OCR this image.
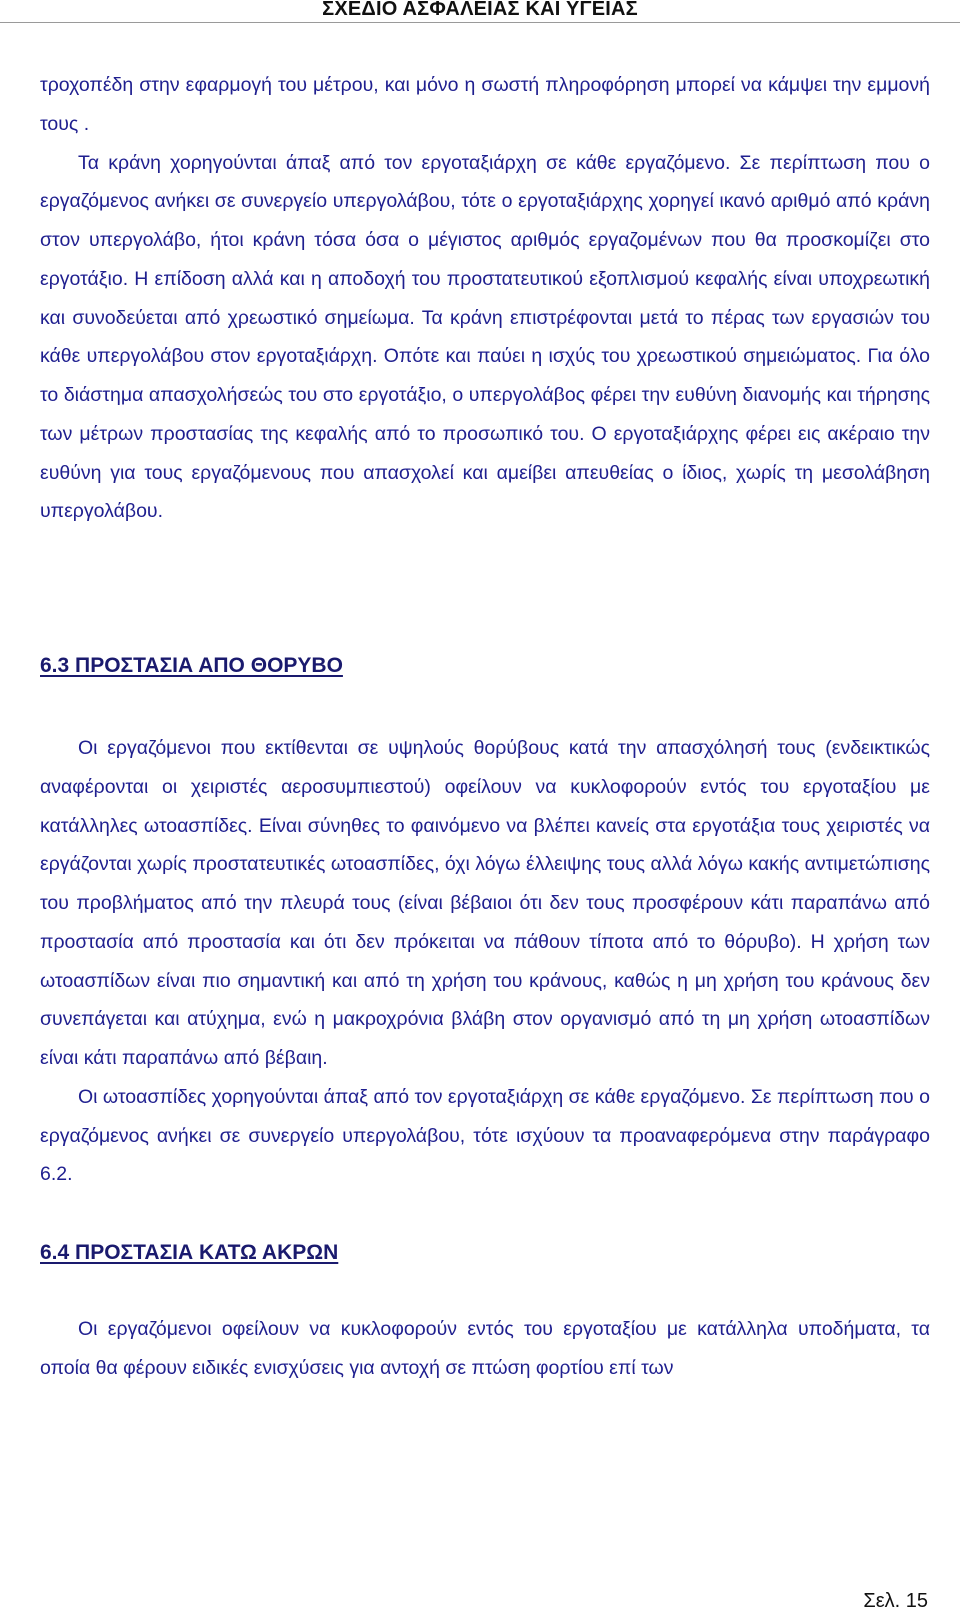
ΣΧΕΔΙΟ ΑΣΦΑΛΕΙΑΣ ΚΑΙ ΥΓΕΙΑΣ

τροχοπέδη στην εφαρμογή του μέτρου, και μόνο η σωστή πληροφόρηση μπορεί να κάμψει την εμμονή τους .

Τα κράνη χορηγούνται άπαξ από τον εργοταξιάρχη σε κάθε εργαζόμενο. Σε περίπτωση που ο εργαζόμενος ανήκει σε συνεργείο υπεργολάβου, τότε ο εργοταξιάρχης χορηγεί ικανό αριθμό από κράνη στον υπεργολάβο, ήτοι κράνη τόσα όσα ο μέγιστος αριθμός εργαζομένων που θα προσκομίζει στο εργοτάξιο. Η επίδοση αλλά και η αποδοχή του προστατευτικού εξοπλισμού κεφαλής είναι υποχρεωτική και συνοδεύεται από χρεωστικό σημείωμα. Τα κράνη επιστρέφονται μετά το πέρας των εργασιών του κάθε υπεργολάβου στον εργοταξιάρχη. Οπότε και παύει η ισχύς του χρεωστικού σημειώματος. Για όλο το διάστημα απασχολήσεώς του στο εργοτάξιο, ο υπεργολάβος φέρει την ευθύνη διανομής και τήρησης των μέτρων προστασίας της κεφαλής από το προσωπικό του. Ο εργοταξιάρχης φέρει εις ακέραιο την ευθύνη για τους εργαζόμενους που απασχολεί και αμείβει απευθείας ο ίδιος, χωρίς τη μεσολάβηση υπεργολάβου.

6.3 ΠΡΟΣΤΑΣΙΑ ΑΠΟ ΘΟΡΥΒΟ

Οι εργαζόμενοι που εκτίθενται σε υψηλούς θορύβους κατά την απασχόλησή τους (ενδεικτικώς αναφέρονται οι χειριστές αεροσυμπιεστού) οφείλουν να κυκλοφορούν εντός του εργοταξίου με κατάλληλες ωτοασπίδες. Είναι σύνηθες το φαινόμενο να βλέπει κανείς στα εργοτάξια τους χειριστές να εργάζονται χωρίς προστατευτικές ωτοασπίδες, όχι λόγω έλλειψης τους αλλά λόγω κακής αντιμετώπισης του προβλήματος από την πλευρά τους (είναι βέβαιοι ότι δεν τους προσφέρουν κάτι παραπάνω από προστασία από προστασία και ότι δεν πρόκειται να πάθουν τίποτα από το θόρυβο). Η χρήση των ωτοασπίδων είναι πιο σημαντική και από τη χρήση του κράνους, καθώς η μη χρήση του κράνους δεν συνεπάγεται και ατύχημα, ενώ η μακροχρόνια βλάβη στον οργανισμό από τη μη χρήση ωτοασπίδων είναι κάτι παραπάνω από βέβαιη.

Οι ωτοασπίδες χορηγούνται άπαξ από τον εργοταξιάρχη σε κάθε εργαζόμενο. Σε περίπτωση που ο εργαζόμενος ανήκει σε συνεργείο υπεργολάβου, τότε ισχύουν τα προαναφερόμενα στην παράγραφο 6.2.

6.4 ΠΡΟΣΤΑΣΙΑ ΚΑΤΩ ΑΚΡΩΝ

Οι εργαζόμενοι οφείλουν να κυκλοφορούν εντός του εργοταξίου με κατάλληλα υποδήματα, τα οποία θα φέρουν ειδικές ενισχύσεις για αντοχή σε πτώση φορτίου επί των

Σελ. 15
